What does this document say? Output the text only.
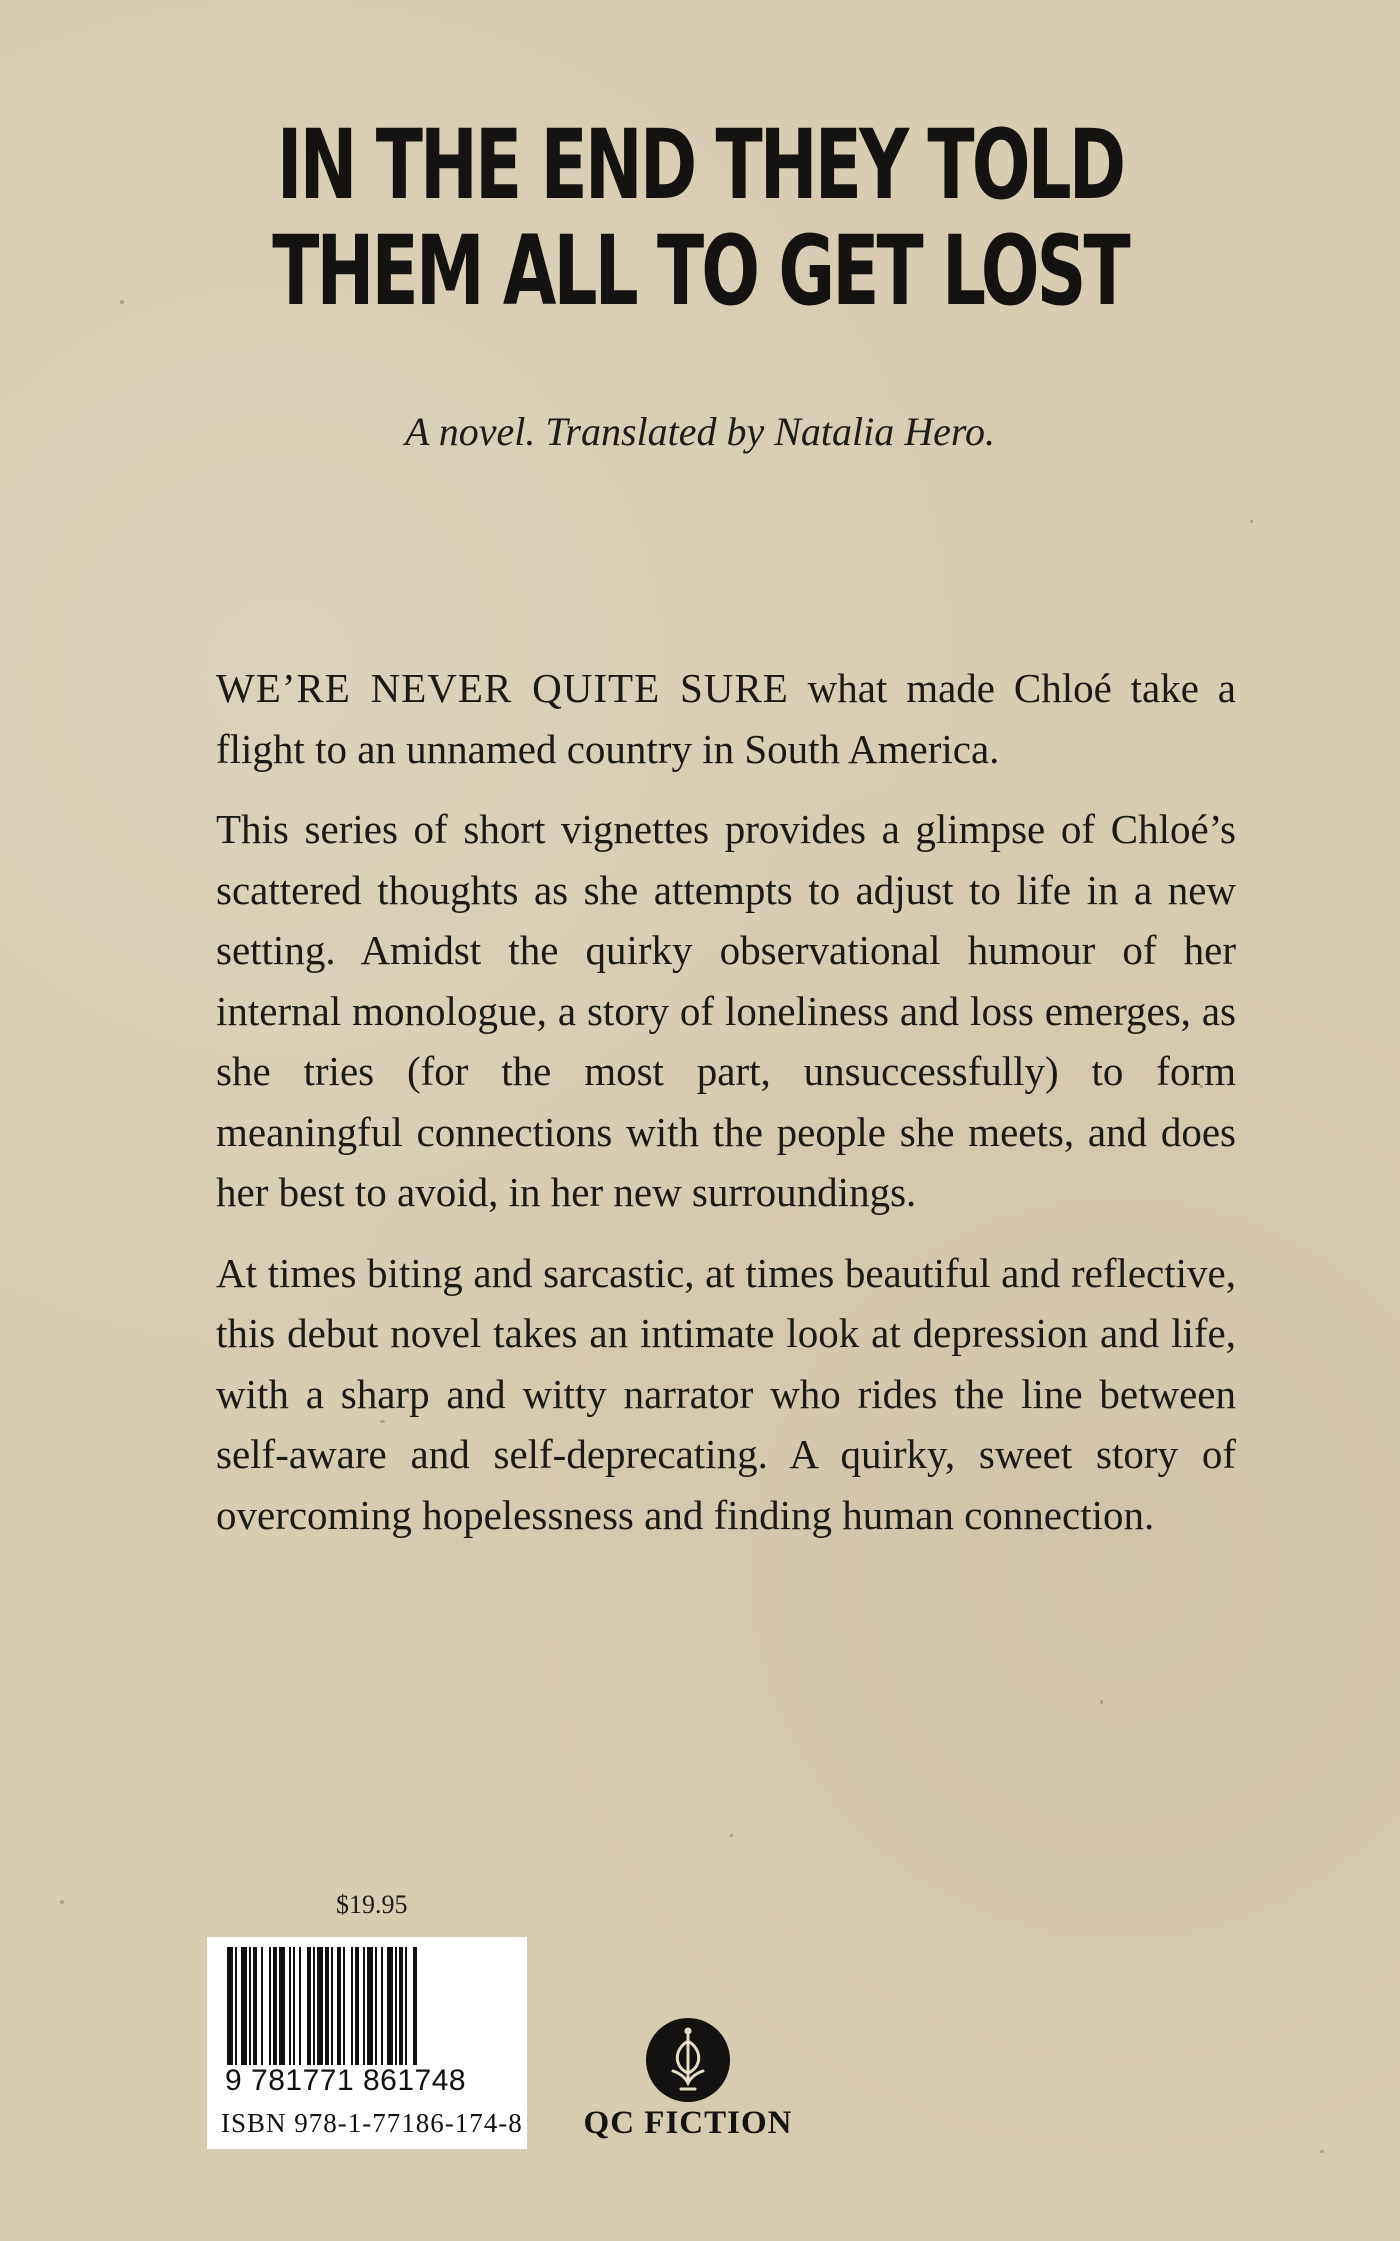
IN THE END THEY TOLD
THEM ALL TO GET LOST
A novel. Translated by Natalia Hero.

WE’RE NEVER QUITE SURE what made Chloé take a flight to an unnamed country in South America.

This series of short vignettes provides a glimpse of Chloé’s scattered thoughts as she attempts to adjust to life in a new setting. Amidst the quirky observational humour of her internal monologue, a story of loneliness and loss emerges, as she tries (for the most part, unsuccessfully) to form meaningful connections with the people she meets, and does her best to avoid, in her new surroundings.

At times biting and sarcastic, at times beautiful and reflective, this debut novel takes an intimate look at depression and life, with a sharp and witty narrator who rides the line between self-aware and self-deprecating. A quirky, sweet story of overcoming hopelessness and finding human connection.

$19.95
9 781771 861748
ISBN 978-1-77186-174-8	QC FICTION
